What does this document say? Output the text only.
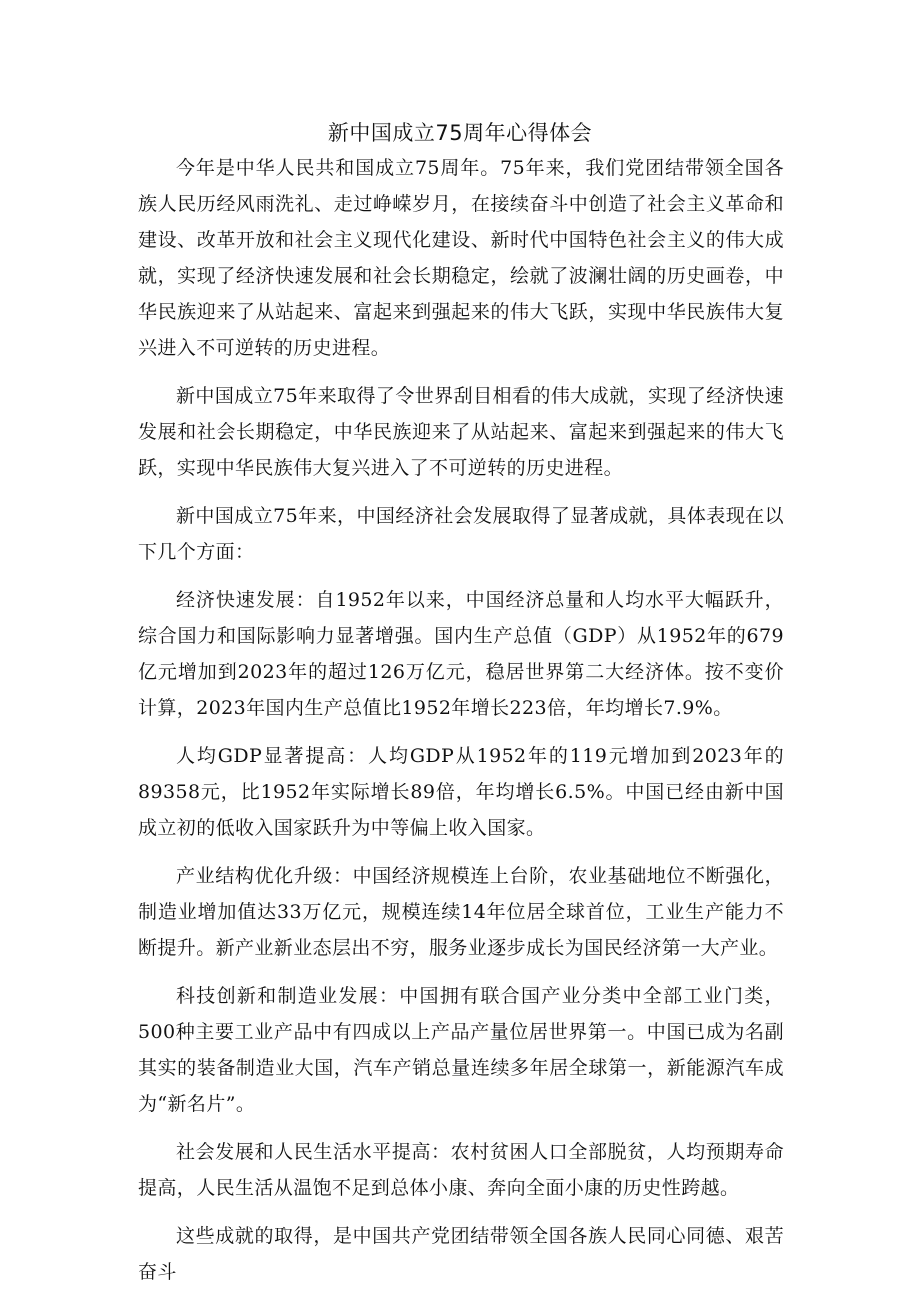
新中国成立75周年心得体会

今年是中华人民共和国成立75周年。75年来，我们党团结带领全国各族人民历经风雨洗礼、走过峥嵘岁月，在接续奋斗中创造了社会主义革命和建设、改革开放和社会主义现代化建设、新时代中国特色社会主义的伟大成就，实现了经济快速发展和社会长期稳定，绘就了波澜壮阔的历史画卷，中华民族迎来了从站起来、富起来到强起来的伟大飞跃，实现中华民族伟大复兴进入不可逆转的历史进程。

新中国成立75年来取得了令世界刮目相看的伟大成就，实现了经济快速发展和社会长期稳定，中华民族迎来了从站起来、富起来到强起来的伟大飞跃，实现中华民族伟大复兴进入了不可逆转的历史进程。

新中国成立75年来，中国经济社会发展取得了显著成就，具体表现在以下几个方面：

经济快速发展：自1952年以来，中国经济总量和人均水平大幅跃升，综合国力和国际影响力显著增强。国内生产总值（GDP）从1952年的679亿元增加到2023年的超过126万亿元，稳居世界第二大经济体。按不变价计算，2023年国内生产总值比1952年增长223倍，年均增长7.9%。

人均GDP显著提高：人均GDP从1952年的119元增加到2023年的89358元，比1952年实际增长89倍，年均增长6.5%。中国已经由新中国成立初的低收入国家跃升为中等偏上收入国家。

产业结构优化升级：中国经济规模连上台阶，农业基础地位不断强化，制造业增加值达33万亿元，规模连续14年位居全球首位，工业生产能力不断提升。新产业新业态层出不穷，服务业逐步成长为国民经济第一大产业。

科技创新和制造业发展：中国拥有联合国产业分类中全部工业门类，500种主要工业产品中有四成以上产品产量位居世界第一。中国已成为名副其实的装备制造业大国，汽车产销总量连续多年居全球第一，新能源汽车成为“新名片”。

社会发展和人民生活水平提高：农村贫困人口全部脱贫，人均预期寿命提高，人民生活从温饱不足到总体小康、奔向全面小康的历史性跨越。

这些成就的取得，是中国共产党团结带领全国各族人民同心同德、艰苦奋斗
